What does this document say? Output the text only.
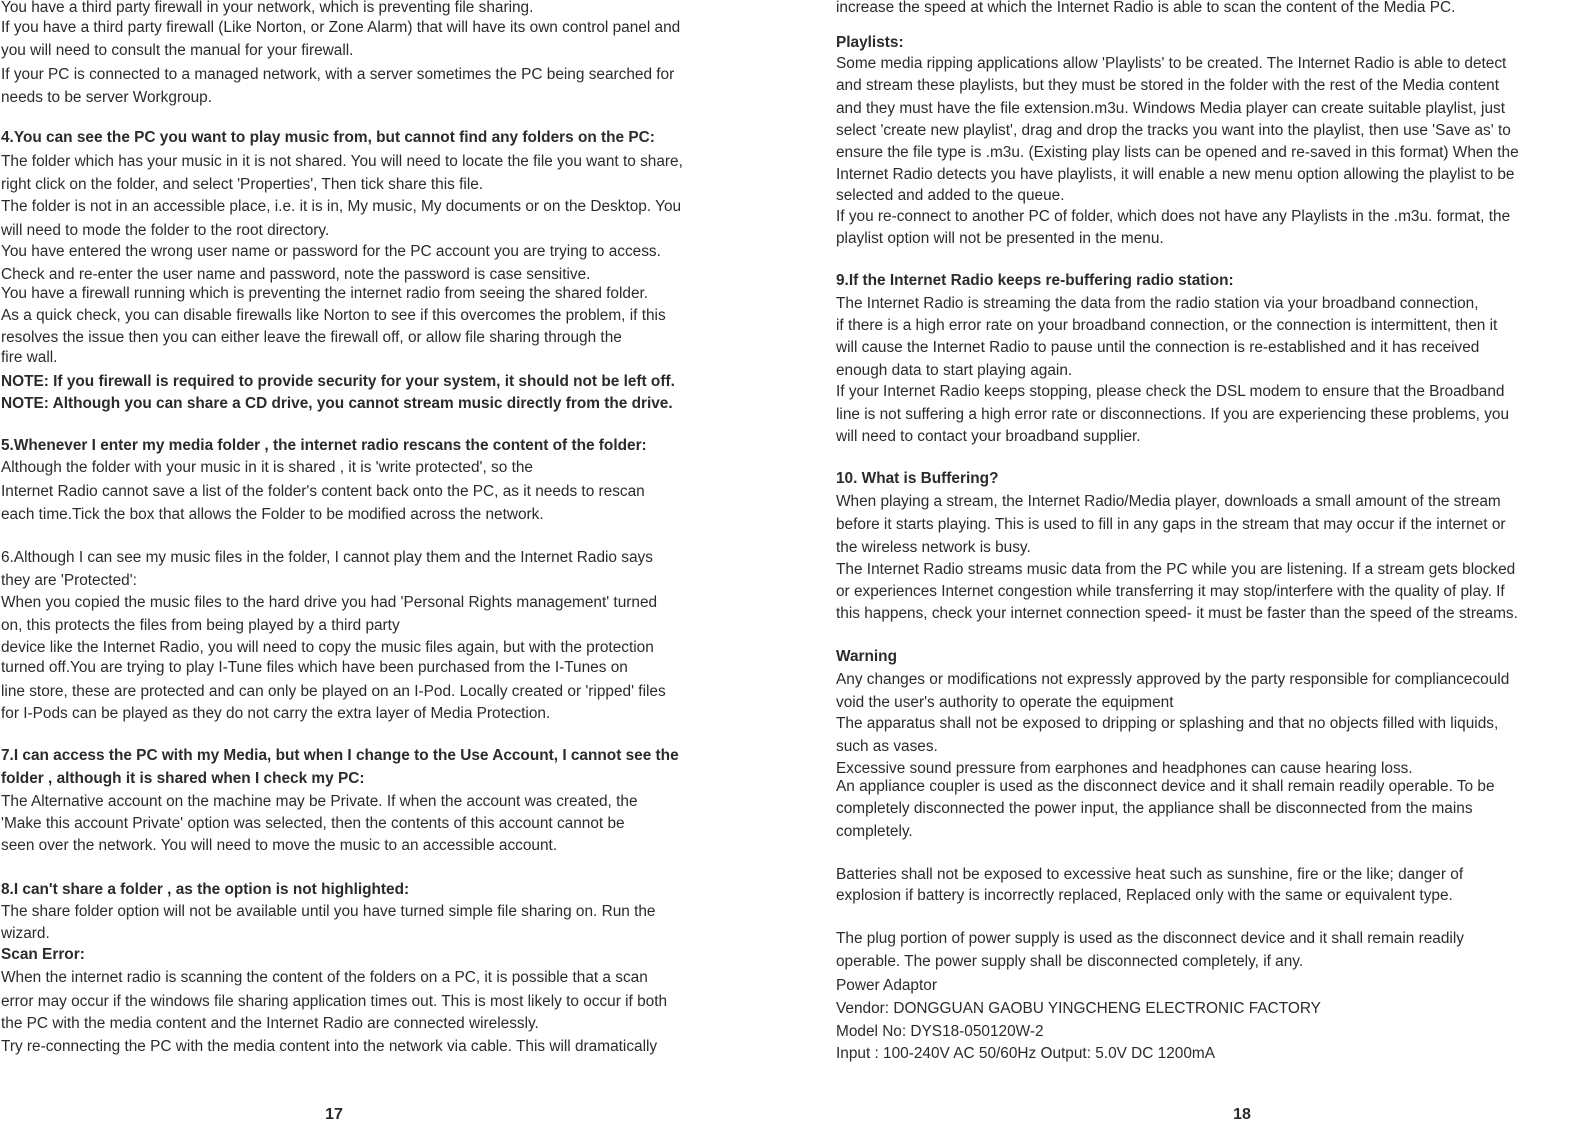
You have a third party firewall in your network, which is preventing file sharing.
If you have a third party firewall (Like Norton, or Zone Alarm) that will have its own control panel and
you will need to consult the manual for your firewall.
If your PC is connected to a managed network, with a server sometimes the PC being searched for
needs to be server Workgroup.
4.You can see the PC you want to play music from, but cannot find any folders on the PC:
The folder which has your music in it is not shared. You will need to locate the file you want to share,
right click on the folder, and select 'Properties', Then tick share this file.
The folder is not in an accessible place, i.e. it is in, My music, My documents or on the Desktop. You
will need to mode the folder to the root directory.
You have entered the wrong user name or password for the PC account you are trying to access.
Check and re-enter the user name and password, note the password is case sensitive.
You have a firewall running which is preventing the internet radio from seeing the shared folder.
As a quick check, you can disable firewalls like Norton to see if this overcomes the problem, if this
resolves the issue then you can either leave the firewall off, or allow file sharing through the
fire wall.
NOTE: If you firewall is required to provide security for your system, it should not be left off.
NOTE: Although you can share a CD drive, you cannot stream music directly from the drive.
5.Whenever I enter my media folder , the internet radio rescans the content of the folder:
Although the folder with your music in it is shared , it is 'write protected', so the
Internet Radio cannot save a list of the folder's content back onto the PC, as it needs to rescan
each time.Tick the box that allows the Folder to be modified across the network.
6.Although I can see my music files in the folder, I cannot play them and the Internet Radio says
they are 'Protected':
When you copied the music files to the hard drive you had 'Personal Rights management' turned
on, this protects the files from being played by a third party
device like the Internet Radio, you will need to copy the music files again, but with the protection
turned off.You are trying to play I-Tune files which have been purchased from the I-Tunes on
line store, these are protected and can only be played on an I-Pod. Locally created or 'ripped' files
for I-Pods can be played as they do not carry the extra layer of Media Protection.
7.I can access the PC with my Media, but when I change to the Use Account, I cannot see the
folder , although it is shared when I check my PC:
The Alternative account on the machine may be Private. If when the account was created, the
'Make this account Private' option was selected, then the contents of this account cannot be
seen over the network. You will need to move the music to an accessible account.
8.I can't share a folder , as the option is not highlighted:
The share folder option will not be available until you have turned simple file sharing on. Run the
wizard.
Scan Error:
When the internet radio is scanning the content of the folders on a PC, it is possible that a scan
error may occur if the windows file sharing application times out. This is most likely to occur if both
the PC with the media content and the Internet Radio are connected wirelessly.
Try re-connecting the PC with the media content into the network via cable. This will dramatically
17
increase the speed at which the Internet Radio is able to scan the content of the Media PC.
Playlists:
Some media ripping applications allow 'Playlists' to be created. The Internet Radio is able to detect
and stream these playlists, but they must be stored in the folder with the rest of the Media content
and they must have the file extension.m3u. Windows Media player can create suitable playlist, just
select 'create new playlist', drag and drop the tracks you want into the playlist, then use 'Save as' to
ensure the file type is .m3u. (Existing play lists can be opened and re-saved in this format) When the
Internet Radio detects you have playlists, it will enable a new menu option allowing the playlist to be
selected and added to the queue.
If you re-connect to another PC of folder, which does not have any Playlists in the .m3u. format, the
playlist option will not be presented in the menu.
9.If the Internet Radio keeps re-buffering radio station:
The Internet Radio is streaming the data from the radio station via your broadband connection,
if there is a high error rate on your broadband connection, or the connection is intermittent, then it
will cause the Internet Radio to pause until the connection is re-established and it has received
enough data to start playing again.
If your Internet Radio keeps stopping, please check the DSL modem to ensure that the Broadband
line is not suffering a high error rate or disconnections. If you are experiencing these problems, you
will need to contact your broadband supplier.
10. What is Buffering?
When playing a stream, the Internet Radio/Media player, downloads a small amount of the stream
before it starts playing. This is used to fill in any gaps in the stream that may occur if the internet or
the wireless network is busy.
The Internet Radio streams music data from the PC while you are listening. If a stream gets blocked
or experiences Internet congestion while transferring it may stop/interfere with the quality of play. If
this happens, check your internet connection speed- it must be faster than the speed of the streams.
Warning
Any changes or modifications not expressly approved by the party responsible for compliancecould
void the user's authority to operate the equipment
The apparatus shall not be exposed to dripping or splashing and that no objects filled with liquids,
such as vases.
Excessive sound pressure from earphones and headphones can cause hearing loss.
An appliance coupler is used as the disconnect device and it shall remain readily operable. To be
completely disconnected the power input, the appliance shall be disconnected from the mains
completely.
Batteries shall not be exposed to excessive heat such as sunshine, fire or the like; danger of
explosion if battery is incorrectly replaced, Replaced only with the same or equivalent type.
The plug portion of power supply is used as the disconnect device and it shall remain readily
operable. The power supply shall be disconnected completely, if any.
Power Adaptor
Vendor: DONGGUAN GAOBU YINGCHENG ELECTRONIC FACTORY
Model No: DYS18-050120W-2
Input : 100-240V AC 50/60Hz Output: 5.0V DC 1200mA
18
